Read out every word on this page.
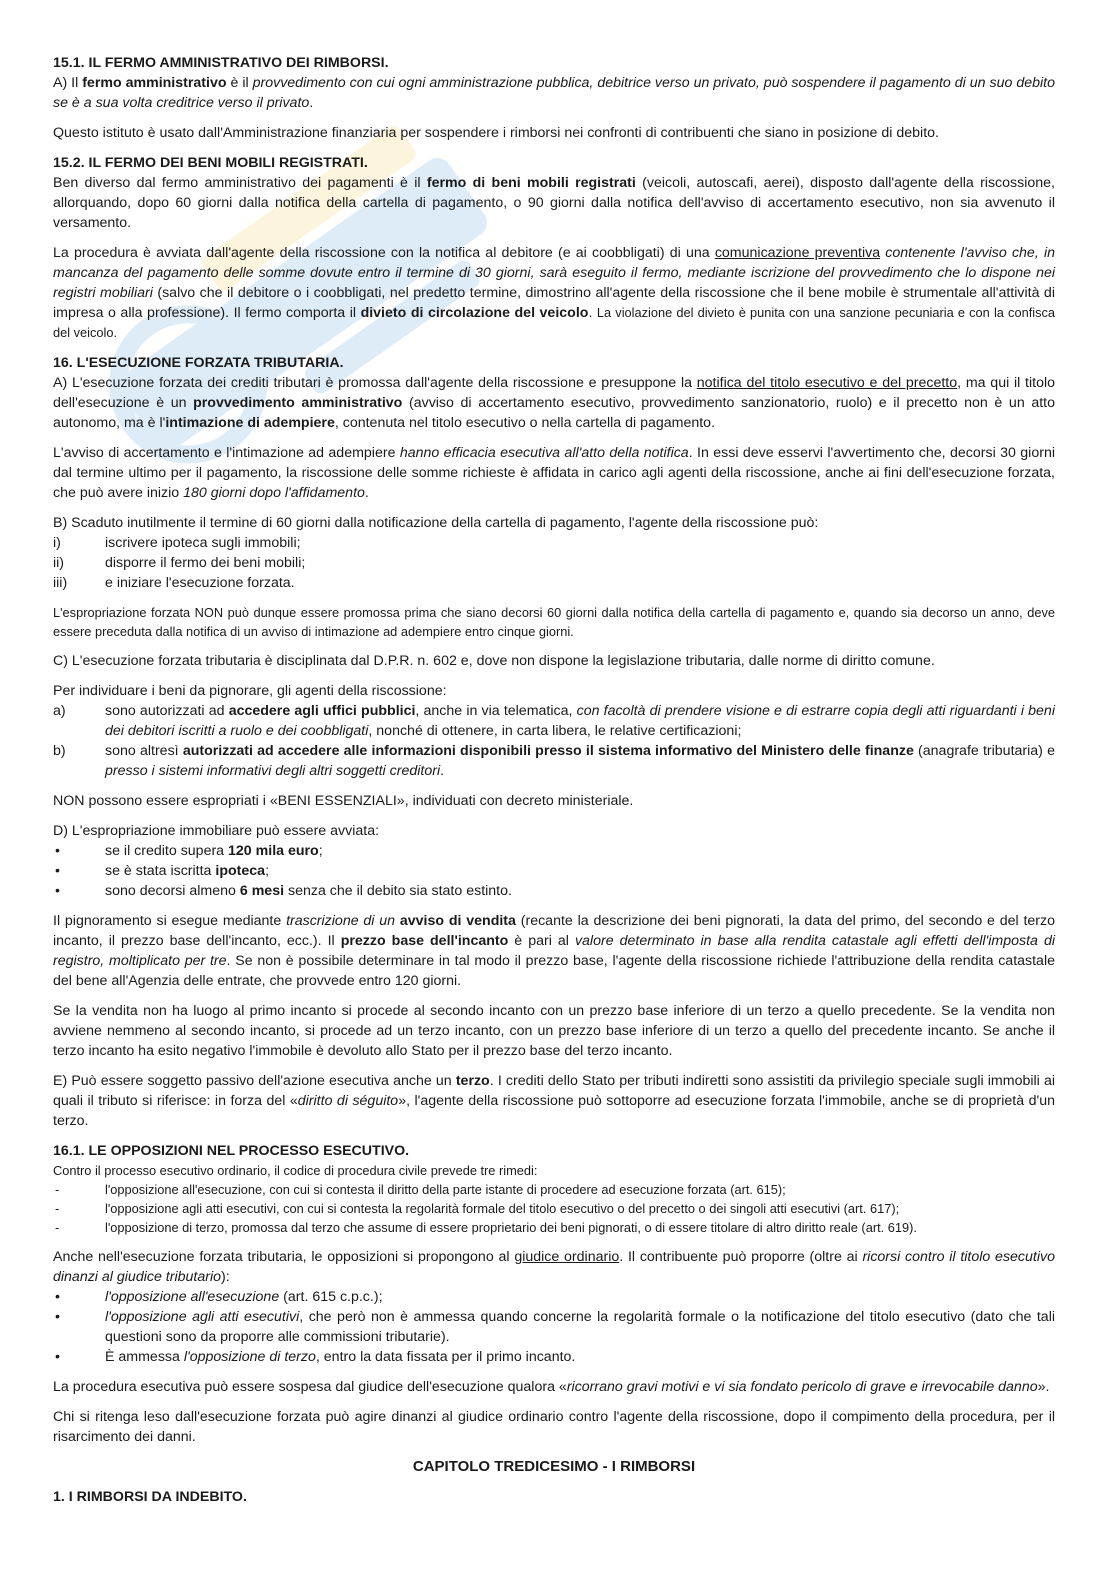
15.1. IL FERMO AMMINISTRATIVO DEI RIMBORSI.

A) Il fermo amministrativo è il provvedimento con cui ogni amministrazione pubblica, debitrice verso un privato, può sospendere il pagamento di un suo debito se è a sua volta creditrice verso il privato.

Questo istituto è usato dall'Amministrazione finanziaria per sospendere i rimborsi nei confronti di contribuenti che siano in posizione di debito.

15.2. IL FERMO DEI BENI MOBILI REGISTRATI.

Ben diverso dal fermo amministrativo dei pagamenti è il fermo di beni mobili registrati (veicoli, autoscafi, aerei), disposto dall'agente della riscossione, allorquando, dopo 60 giorni dalla notifica della cartella di pagamento, o 90 giorni dalla notifica dell'avviso di accertamento esecutivo, non sia avvenuto il versamento.

La procedura è avviata dall'agente della riscossione con la notifica al debitore (e ai coobbligati) di una comunicazione preventiva contenente l'avviso che, in mancanza del pagamento delle somme dovute entro il termine di 30 giorni, sarà eseguito il fermo, mediante iscrizione del provvedimento che lo dispone nei registri mobiliari (salvo che il debitore o i coobbligati, nel predetto termine, dimostrino all'agente della riscossione che il bene mobile è strumentale all'attività di impresa o alla professione). Il fermo comporta il divieto di circolazione del veicolo. La violazione del divieto è punita con una sanzione pecuniaria e con la confisca del veicolo.

16. L'ESECUZIONE FORZATA TRIBUTARIA.

A) L'esecuzione forzata dei crediti tributari è promossa dall'agente della riscossione e presuppone la notifica del titolo esecutivo e del precetto, ma qui il titolo dell'esecuzione è un provvedimento amministrativo (avviso di accertamento esecutivo, provvedimento sanzionatorio, ruolo) e il precetto non è un atto autonomo, ma è l'intimazione di adempiere, contenuta nel titolo esecutivo o nella cartella di pagamento.

L'avviso di accertamento e l'intimazione ad adempiere hanno efficacia esecutiva all'atto della notifica. In essi deve esservi l'avvertimento che, decorsi 30 giorni dal termine ultimo per il pagamento, la riscossione delle somme richieste è affidata in carico agli agenti della riscossione, anche ai fini dell'esecuzione forzata, che può avere inizio 180 giorni dopo l'affidamento.

B) Scaduto inutilmente il termine di 60 giorni dalla notificazione della cartella di pagamento, l'agente della riscossione può:

i)	iscrivere ipoteca sugli immobili;
ii)	disporre il fermo dei beni mobili;
iii)	e iniziare l'esecuzione forzata.

L'espropriazione forzata NON può dunque essere promossa prima che siano decorsi 60 giorni dalla notifica della cartella di pagamento e, quando sia decorso un anno, deve essere preceduta dalla notifica di un avviso di intimazione ad adempiere entro cinque giorni.

C) L'esecuzione forzata tributaria è disciplinata dal D.P.R. n. 602 e, dove non dispone la legislazione tributaria, dalle norme di diritto comune.

Per individuare i beni da pignorare, gli agenti della riscossione:

a)	sono autorizzati ad accedere agli uffici pubblici, anche in via telematica, con facoltà di prendere visione e di estrarre copia degli atti riguardanti i beni dei debitori iscritti a ruolo e dei coobbligati, nonché di ottenere, in carta libera, le relative certificazioni;
b)	sono altresì autorizzati ad accedere alle informazioni disponibili presso il sistema informativo del Ministero delle finanze (anagrafe tributaria) e presso i sistemi informativi degli altri soggetti creditori.

NON possono essere espropriati i «BENI ESSENZIALI», individuati con decreto ministeriale.

D) L'espropriazione immobiliare può essere avviata:

•	se il credito supera 120 mila euro;
•	se è stata iscritta ipoteca;
•	sono decorsi almeno 6 mesi senza che il debito sia stato estinto.

Il pignoramento si esegue mediante trascrizione di un avviso di vendita (recante la descrizione dei beni pignorati, la data del primo, del secondo e del terzo incanto, il prezzo base dell'incanto, ecc.). Il prezzo base dell'incanto è pari al valore determinato in base alla rendita catastale agli effetti dell'imposta di registro, moltiplicato per tre. Se non è possibile determinare in tal modo il prezzo base, l'agente della riscossione richiede l'attribuzione della rendita catastale del bene all'Agenzia delle entrate, che provvede entro 120 giorni.

Se la vendita non ha luogo al primo incanto si procede al secondo incanto con un prezzo base inferiore di un terzo a quello precedente. Se la vendita non avviene nemmeno al secondo incanto, si procede ad un terzo incanto, con un prezzo base inferiore di un terzo a quello del precedente incanto. Se anche il terzo incanto ha esito negativo l'immobile è devoluto allo Stato per il prezzo base del terzo incanto.

E) Può essere soggetto passivo dell'azione esecutiva anche un terzo. I crediti dello Stato per tributi indiretti sono assistiti da privilegio speciale sugli immobili ai quali il tributo si riferisce: in forza del «diritto di séguito», l'agente della riscossione può sottoporre ad esecuzione forzata l'immobile, anche se di proprietà d'un terzo.

16.1. LE OPPOSIZIONI NEL PROCESSO ESECUTIVO.

Contro il processo esecutivo ordinario, il codice di procedura civile prevede tre rimedi:

-	l'opposizione all'esecuzione, con cui si contesta il diritto della parte istante di procedere ad esecuzione forzata (art. 615);
-	l'opposizione agli atti esecutivi, con cui si contesta la regolarità formale del titolo esecutivo o del precetto o dei singoli atti esecutivi (art. 617);
-	l'opposizione di terzo, promossa dal terzo che assume di essere proprietario dei beni pignorati, o di essere titolare di altro diritto reale (art. 619).

Anche nell'esecuzione forzata tributaria, le opposizioni si propongono al giudice ordinario. Il contribuente può proporre (oltre ai ricorsi contro il titolo esecutivo dinanzi al giudice tributario):

•	l'opposizione all'esecuzione (art. 615 c.p.c.);
•	l'opposizione agli atti esecutivi, che però non è ammessa quando concerne la regolarità formale o la notificazione del titolo esecutivo (dato che tali questioni sono da proporre alle commissioni tributarie).
•	È ammessa l'opposizione di terzo, entro la data fissata per il primo incanto.

La procedura esecutiva può essere sospesa dal giudice dell'esecuzione qualora «ricorrano gravi motivi e vi sia fondato pericolo di grave e irrevocabile danno».

Chi si ritenga leso dall'esecuzione forzata può agire dinanzi al giudice ordinario contro l'agente della riscossione, dopo il compimento della procedura, per il risarcimento dei danni.

CAPITOLO TREDICESIMO - I RIMBORSI
1. I RIMBORSI DA INDEBITO.
